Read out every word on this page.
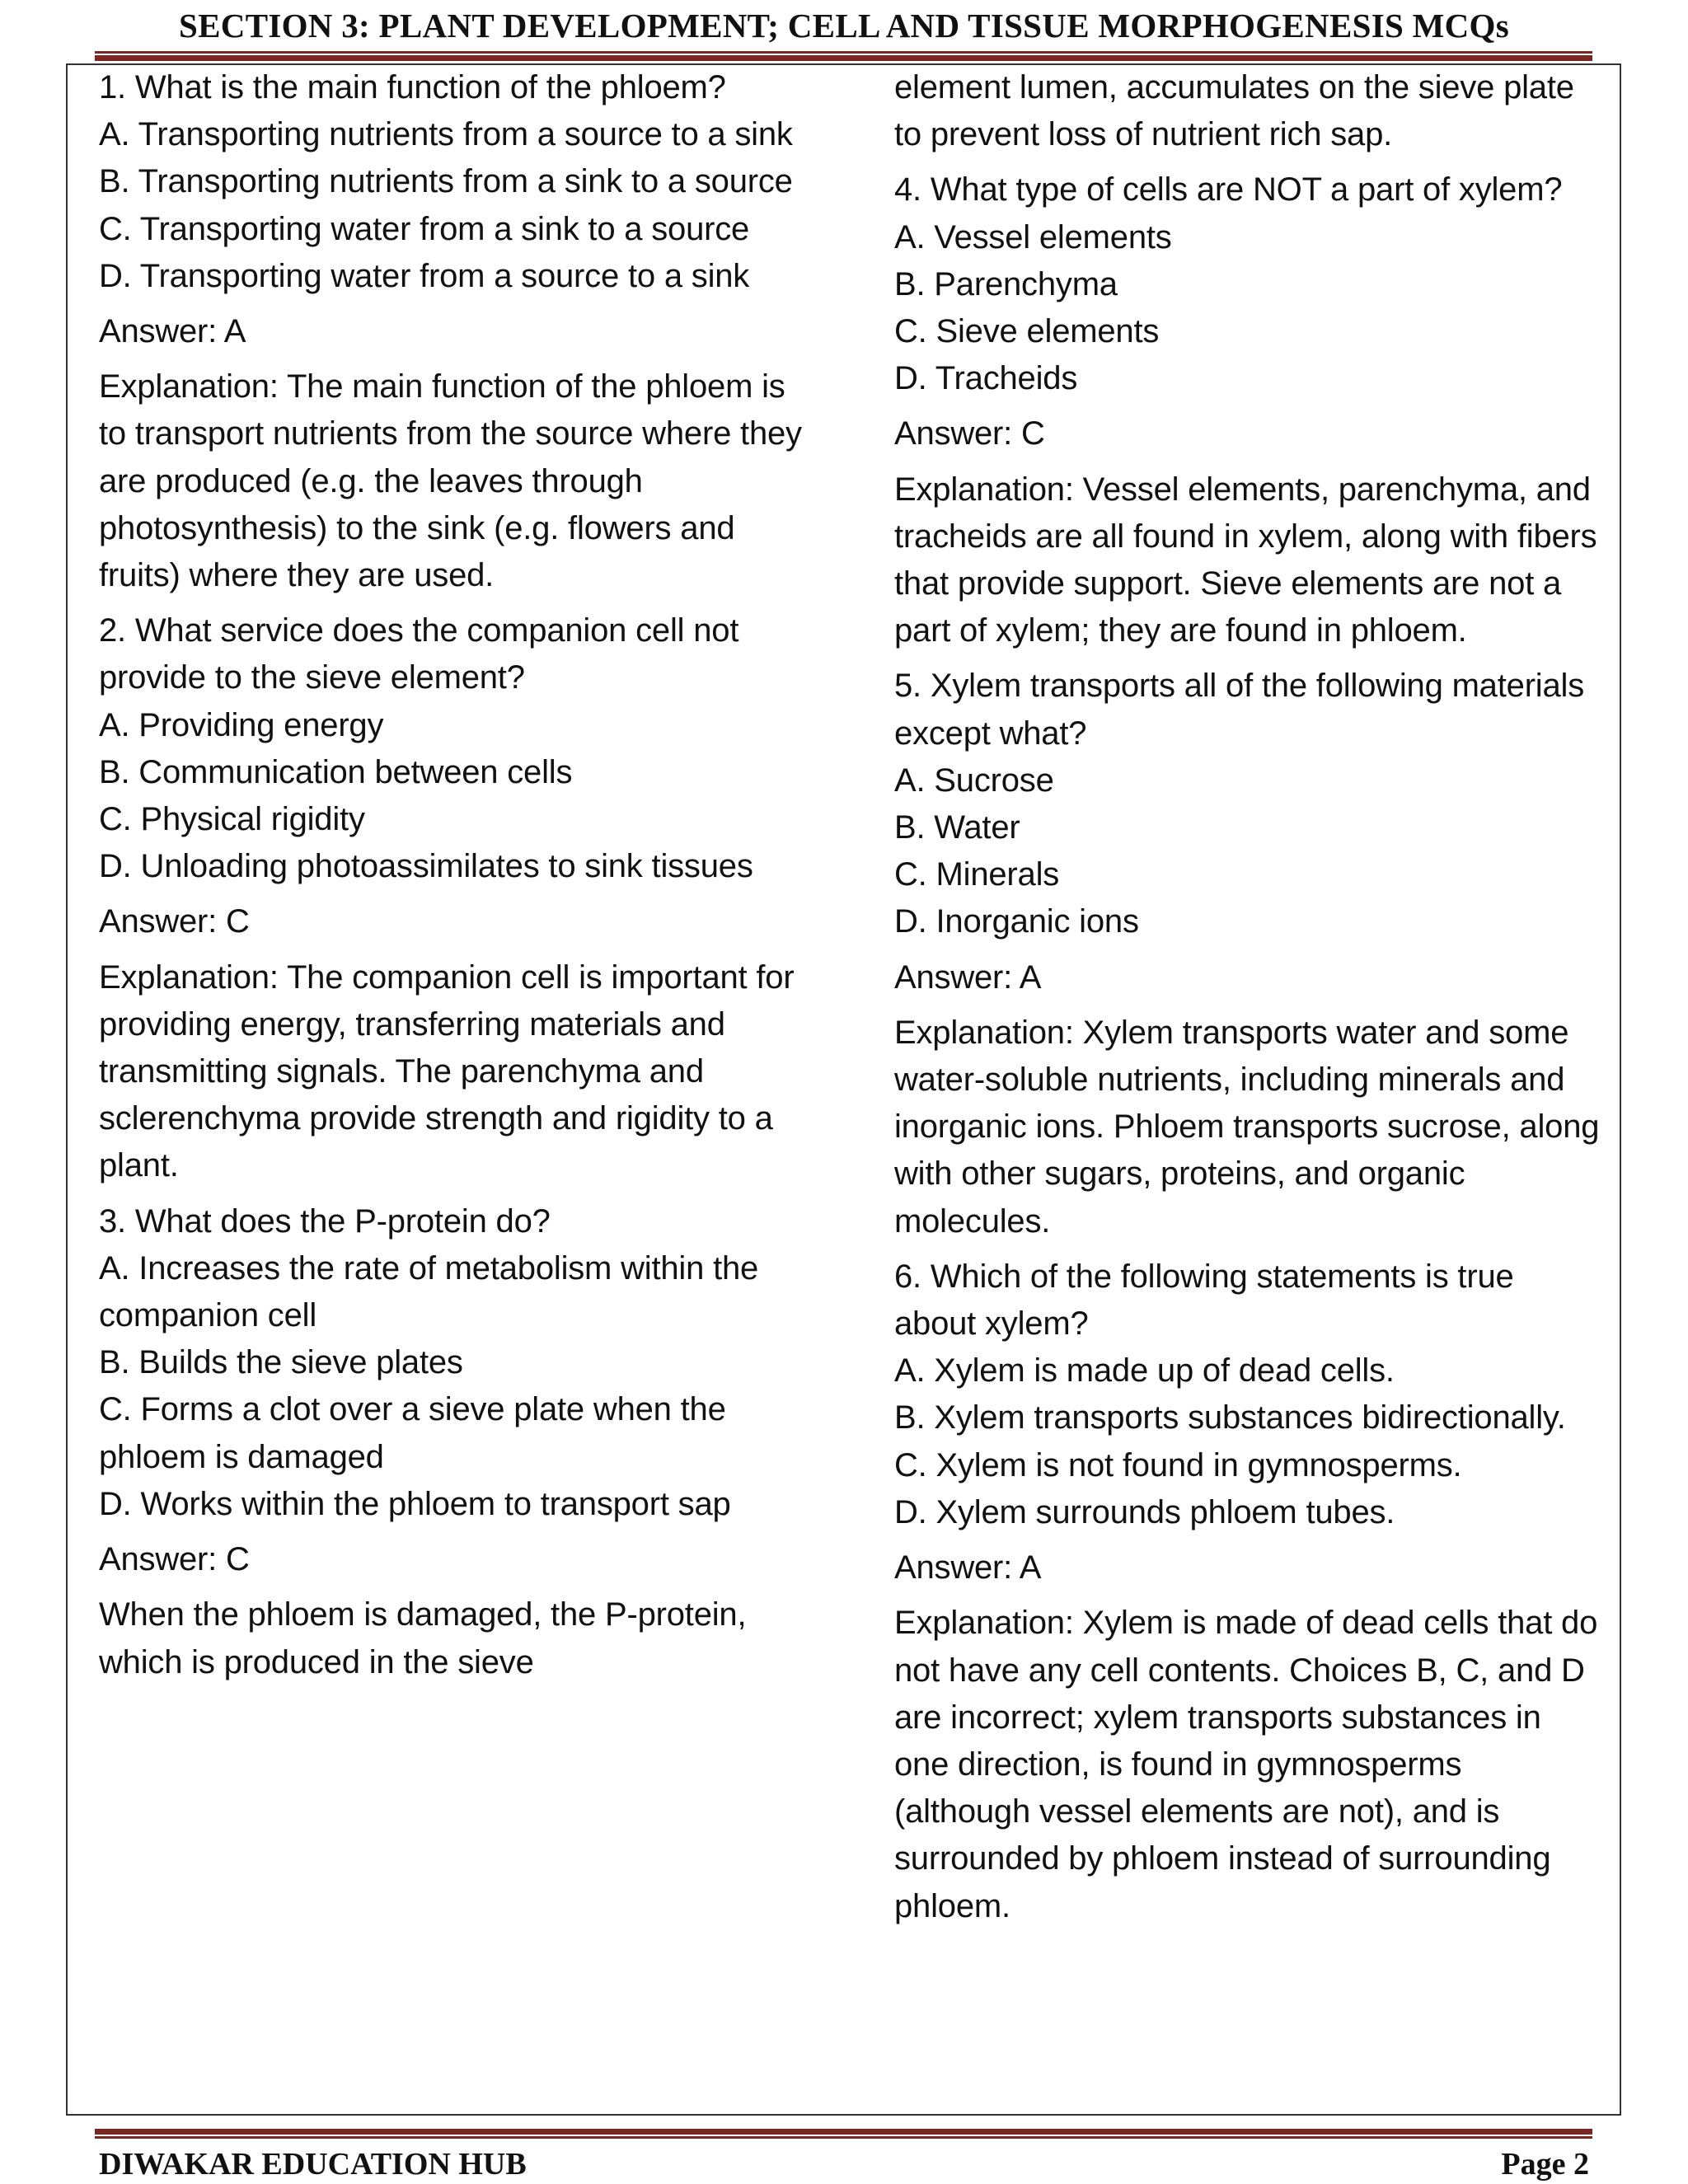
SECTION 3: PLANT DEVELOPMENT; CELL AND TISSUE MORPHOGENESIS MCQs

1. What is the main function of the phloem?
A. Transporting nutrients from a source to a sink
B. Transporting nutrients from a sink to a source
C. Transporting water from a sink to a source
D. Transporting water from a source to a sink

Answer: A

Explanation: The main function of the phloem is to transport nutrients from the source where they are produced (e.g. the leaves through photosynthesis) to the sink (e.g. flowers and fruits) where they are used.

2. What service does the companion cell not provide to the sieve element?
A. Providing energy
B. Communication between cells
C. Physical rigidity
D. Unloading photoassimilates to sink tissues

Answer: C

Explanation: The companion cell is important for providing energy, transferring materials and transmitting signals. The parenchyma and sclerenchyma provide strength and rigidity to a plant.

3. What does the P-protein do?
A. Increases the rate of metabolism within the companion cell
B. Builds the sieve plates
C. Forms a clot over a sieve plate when the phloem is damaged
D. Works within the phloem to transport sap

Answer: C

When the phloem is damaged, the P-protein, which is produced in the sieve

element lumen, accumulates on the sieve plate to prevent loss of nutrient rich sap.

4. What type of cells are NOT a part of xylem?
A. Vessel elements
B. Parenchyma
C. Sieve elements
D. Tracheids

Answer: C

Explanation: Vessel elements, parenchyma, and tracheids are all found in xylem, along with fibers that provide support. Sieve elements are not a part of xylem; they are found in phloem.

5. Xylem transports all of the following materials except what?
A. Sucrose
B. Water
C. Minerals
D. Inorganic ions

Answer: A

Explanation: Xylem transports water and some water-soluble nutrients, including minerals and inorganic ions. Phloem transports sucrose, along with other sugars, proteins, and organic molecules.

6. Which of the following statements is true about xylem?
A. Xylem is made up of dead cells.
B. Xylem transports substances bidirectionally.
C. Xylem is not found in gymnosperms.
D. Xylem surrounds phloem tubes.

Answer: A

Explanation: Xylem is made of dead cells that do not have any cell contents. Choices B, C, and D are incorrect; xylem transports substances in one direction, is found in gymnosperms (although vessel elements are not), and is surrounded by phloem instead of surrounding phloem.

DIWAKAR EDUCATION HUB	Page 2
